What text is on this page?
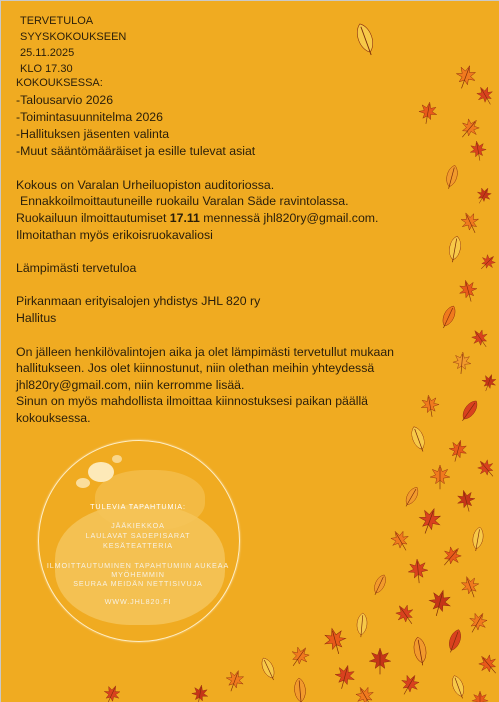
TERVETULOA
SYYSKOKOUKSEEN
25.11.2025
KLO 17.30
KOKOUKSESSA:
-Talousarvio 2026
-Toimintasuunnitelma 2026
-Hallituksen jäsenten valinta
-Muut sääntömääräiset ja esille tulevat asiat
Kokous on Varalan Urheiluopiston auditoriossa.
Ennakkoilmoittautuneille ruokailu Varalan Säde ravintolassa.
Ruokailuun ilmoittautumiset 17.11 mennessä jhl820ry@gmail.com.
Ilmoitathan myös erikoisruokavaliosi
Lämpimästi tervetuloa
Pirkanmaan erityisalojen yhdistys JHL 820 ry
Hallitus
On jälleen henkilövalintojen aika ja olet lämpimästi tervetullut mukaan
hallitukseen. Jos olet kiinnostunut, niin olethan meihin yhteydessä
jhl820ry@gmail.com, niin kerromme lisää.
Sinun on myös mahdollista ilmoittaa kiinnostuksesi paikan päällä
kokouksessa.
TULEVIA TAPAHTUMIA:
JÄÄKIEKKOA
LAULAVAT SADEPISARAT
KESÄTEATTERIA
ILMOITTAUTUMINEN TAPAHTUMIIN AUKEAA
MYÖHEMMIN
SEURAA MEIDÄN NETTISIVUJA
WWW.JHL820.FI
